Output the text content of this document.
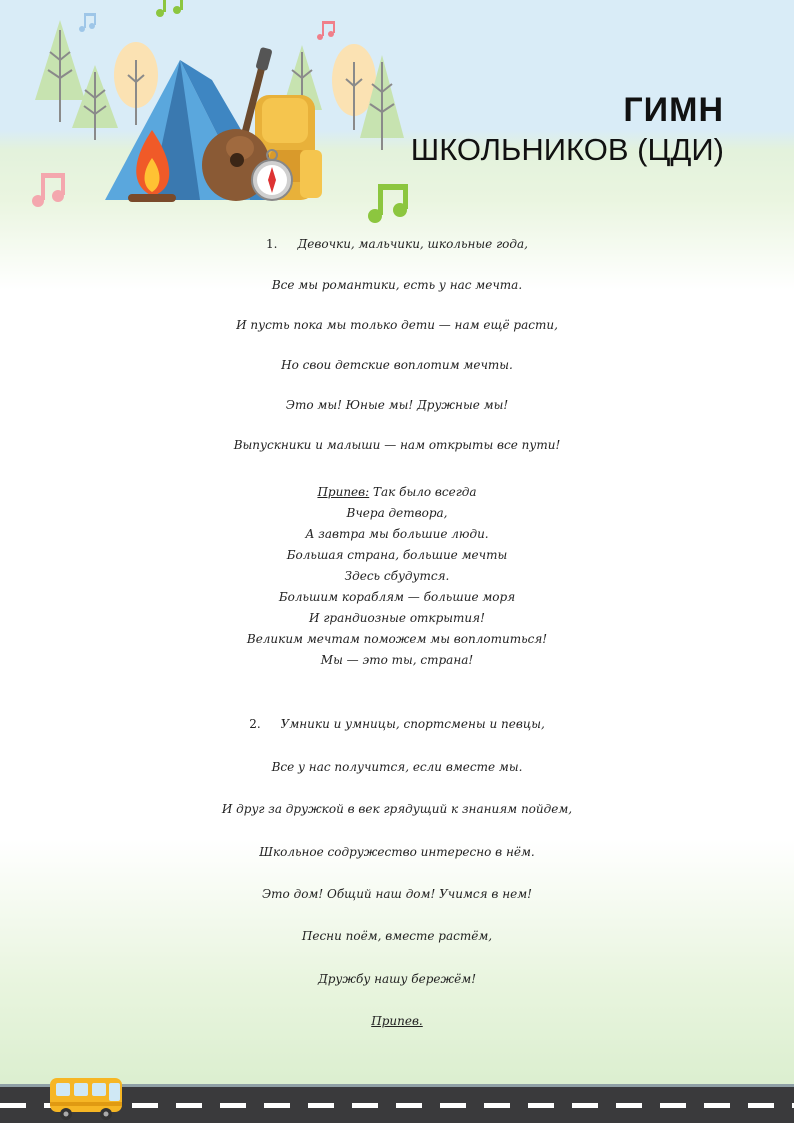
ГИМН
ШКОЛЬНИКОВ (ЦДИ)
1. Девочки, мальчики, школьные года,
Все мы романтики, есть у нас мечта.
И пусть пока мы только дети — нам ещё расти,
Но свои детские воплотим мечты.
Это мы! Юные мы! Дружные мы!
Выпускники и малыши — нам открыты все пути!
Припев: Так было всегда
Вчера детвора,
А завтра мы большие люди.
Большая страна, большие мечты
Здесь сбудутся.
Большим кораблям — большие моря
И грандиозные открытия!
Великим мечтам поможем мы воплотиться!
Мы — это ты, страна!
2. Умники и умницы, спортсмены и певцы,
Все у нас получится, если вместе мы.
И друг за дружкой в век грядущий к знаниям пойдем,
Школьное содружество интересно в нём.
Это дом! Общий наш дом! Учимся в нем!
Песни поём, вместе растём,
Дружбу нашу бережём!
Припев.
